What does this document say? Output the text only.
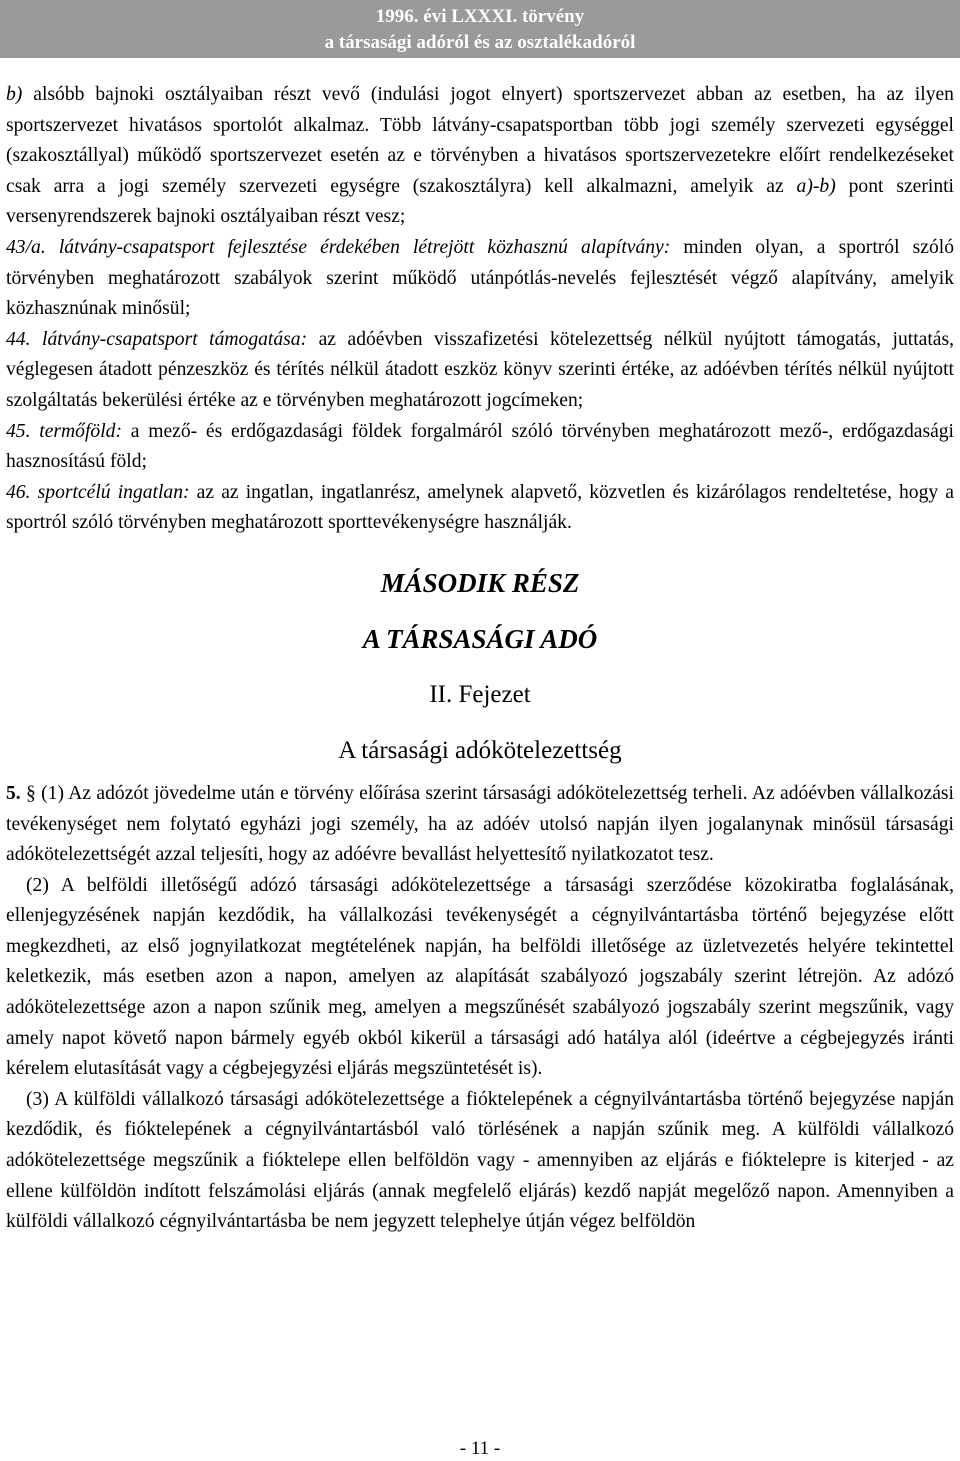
1996. évi LXXXI. törvény
a társasági adóról és az osztalékadóról

b) alsóbb bajnoki osztályaiban részt vevő (indulási jogot elnyert) sportszervezet abban az esetben, ha az ilyen sportszervezet hivatásos sportolót alkalmaz. Több látvány-csapatsportban több jogi személy szervezeti egységgel (szakosztállyal) működő sportszervezet esetén az e törvényben a hivatásos sportszervezetekre előírt rendelkezéseket csak arra a jogi személy szervezeti egységre (szakosztályra) kell alkalmazni, amelyik az a)-b) pont szerinti versenyrendszerek bajnoki osztályaiban részt vesz;

43/a. látvány-csapatsport fejlesztése érdekében létrejött közhasznú alapítvány: minden olyan, a sportról szóló törvényben meghatározott szabályok szerint működő utánpótlás-nevelés fejlesztését végző alapítvány, amelyik közhasznúnak minősül;

44. látvány-csapatsport támogatása: az adóévben visszafizetési kötelezettség nélkül nyújtott támogatás, juttatás, véglegesen átadott pénzeszköz és térítés nélkül átadott eszköz könyv szerinti értéke, az adóévben térítés nélkül nyújtott szolgáltatás bekerülési értéke az e törvényben meghatározott jogcímeken;

45. termőföld: a mező- és erdőgazdasági földek forgalmáról szóló törvényben meghatározott mező-, erdőgazdasági hasznosítású föld;

46. sportcélú ingatlan: az az ingatlan, ingatlanrész, amelynek alapvető, közvetlen és kizárólagos rendeltetése, hogy a sportról szóló törvényben meghatározott sporttevékenységre használják.

MÁSODIK RÉSZ
A TÁRSASÁGI ADÓ
II. Fejezet
A társasági adókötelezettség

5. § (1) Az adózót jövedelme után e törvény előírása szerint társasági adókötelezettség terheli. Az adóévben vállalkozási tevékenységet nem folytató egyházi jogi személy, ha az adóév utolsó napján ilyen jogalanynak minősül társasági adókötelezettségét azzal teljesíti, hogy az adóévre bevallást helyettesítő nyilatkozatot tesz.

(2) A belföldi illetőségű adózó társasági adókötelezettsége a társasági szerződése közokiratba foglalásának, ellenjegyzésének napján kezdődik, ha vállalkozási tevékenységét a cégnyilvántartásba történő bejegyzése előtt megkezdheti, az első jognyilatkozat megtételének napján, ha belföldi illetősége az üzletvezetés helyére tekintettel keletkezik, más esetben azon a napon, amelyen az alapítását szabályozó jogszabály szerint létrejön. Az adózó adókötelezettsége azon a napon szűnik meg, amelyen a megszűnését szabályozó jogszabály szerint megszűnik, vagy amely napot követő napon bármely egyéb okból kikerül a társasági adó hatálya alól (ideértve a cégbejegyzés iránti kérelem elutasítását vagy a cégbejegyzési eljárás megszüntetését is).

(3) A külföldi vállalkozó társasági adókötelezettsége a fióktelepének a cégnyilvántartásba történő bejegyzése napján kezdődik, és fióktelepének a cégnyilvántartásból való törlésének a napján szűnik meg. A külföldi vállalkozó adókötelezettsége megszűnik a fióktelepe ellen belföldön vagy - amennyiben az eljárás e fióktelepre is kiterjed - az ellene külföldön indított felszámolási eljárás (annak megfelelő eljárás) kezdő napját megelőző napon. Amennyiben a külföldi vállalkozó cégnyilvántartásba be nem jegyzett telephelye útján végez belföldön

- 11 -
